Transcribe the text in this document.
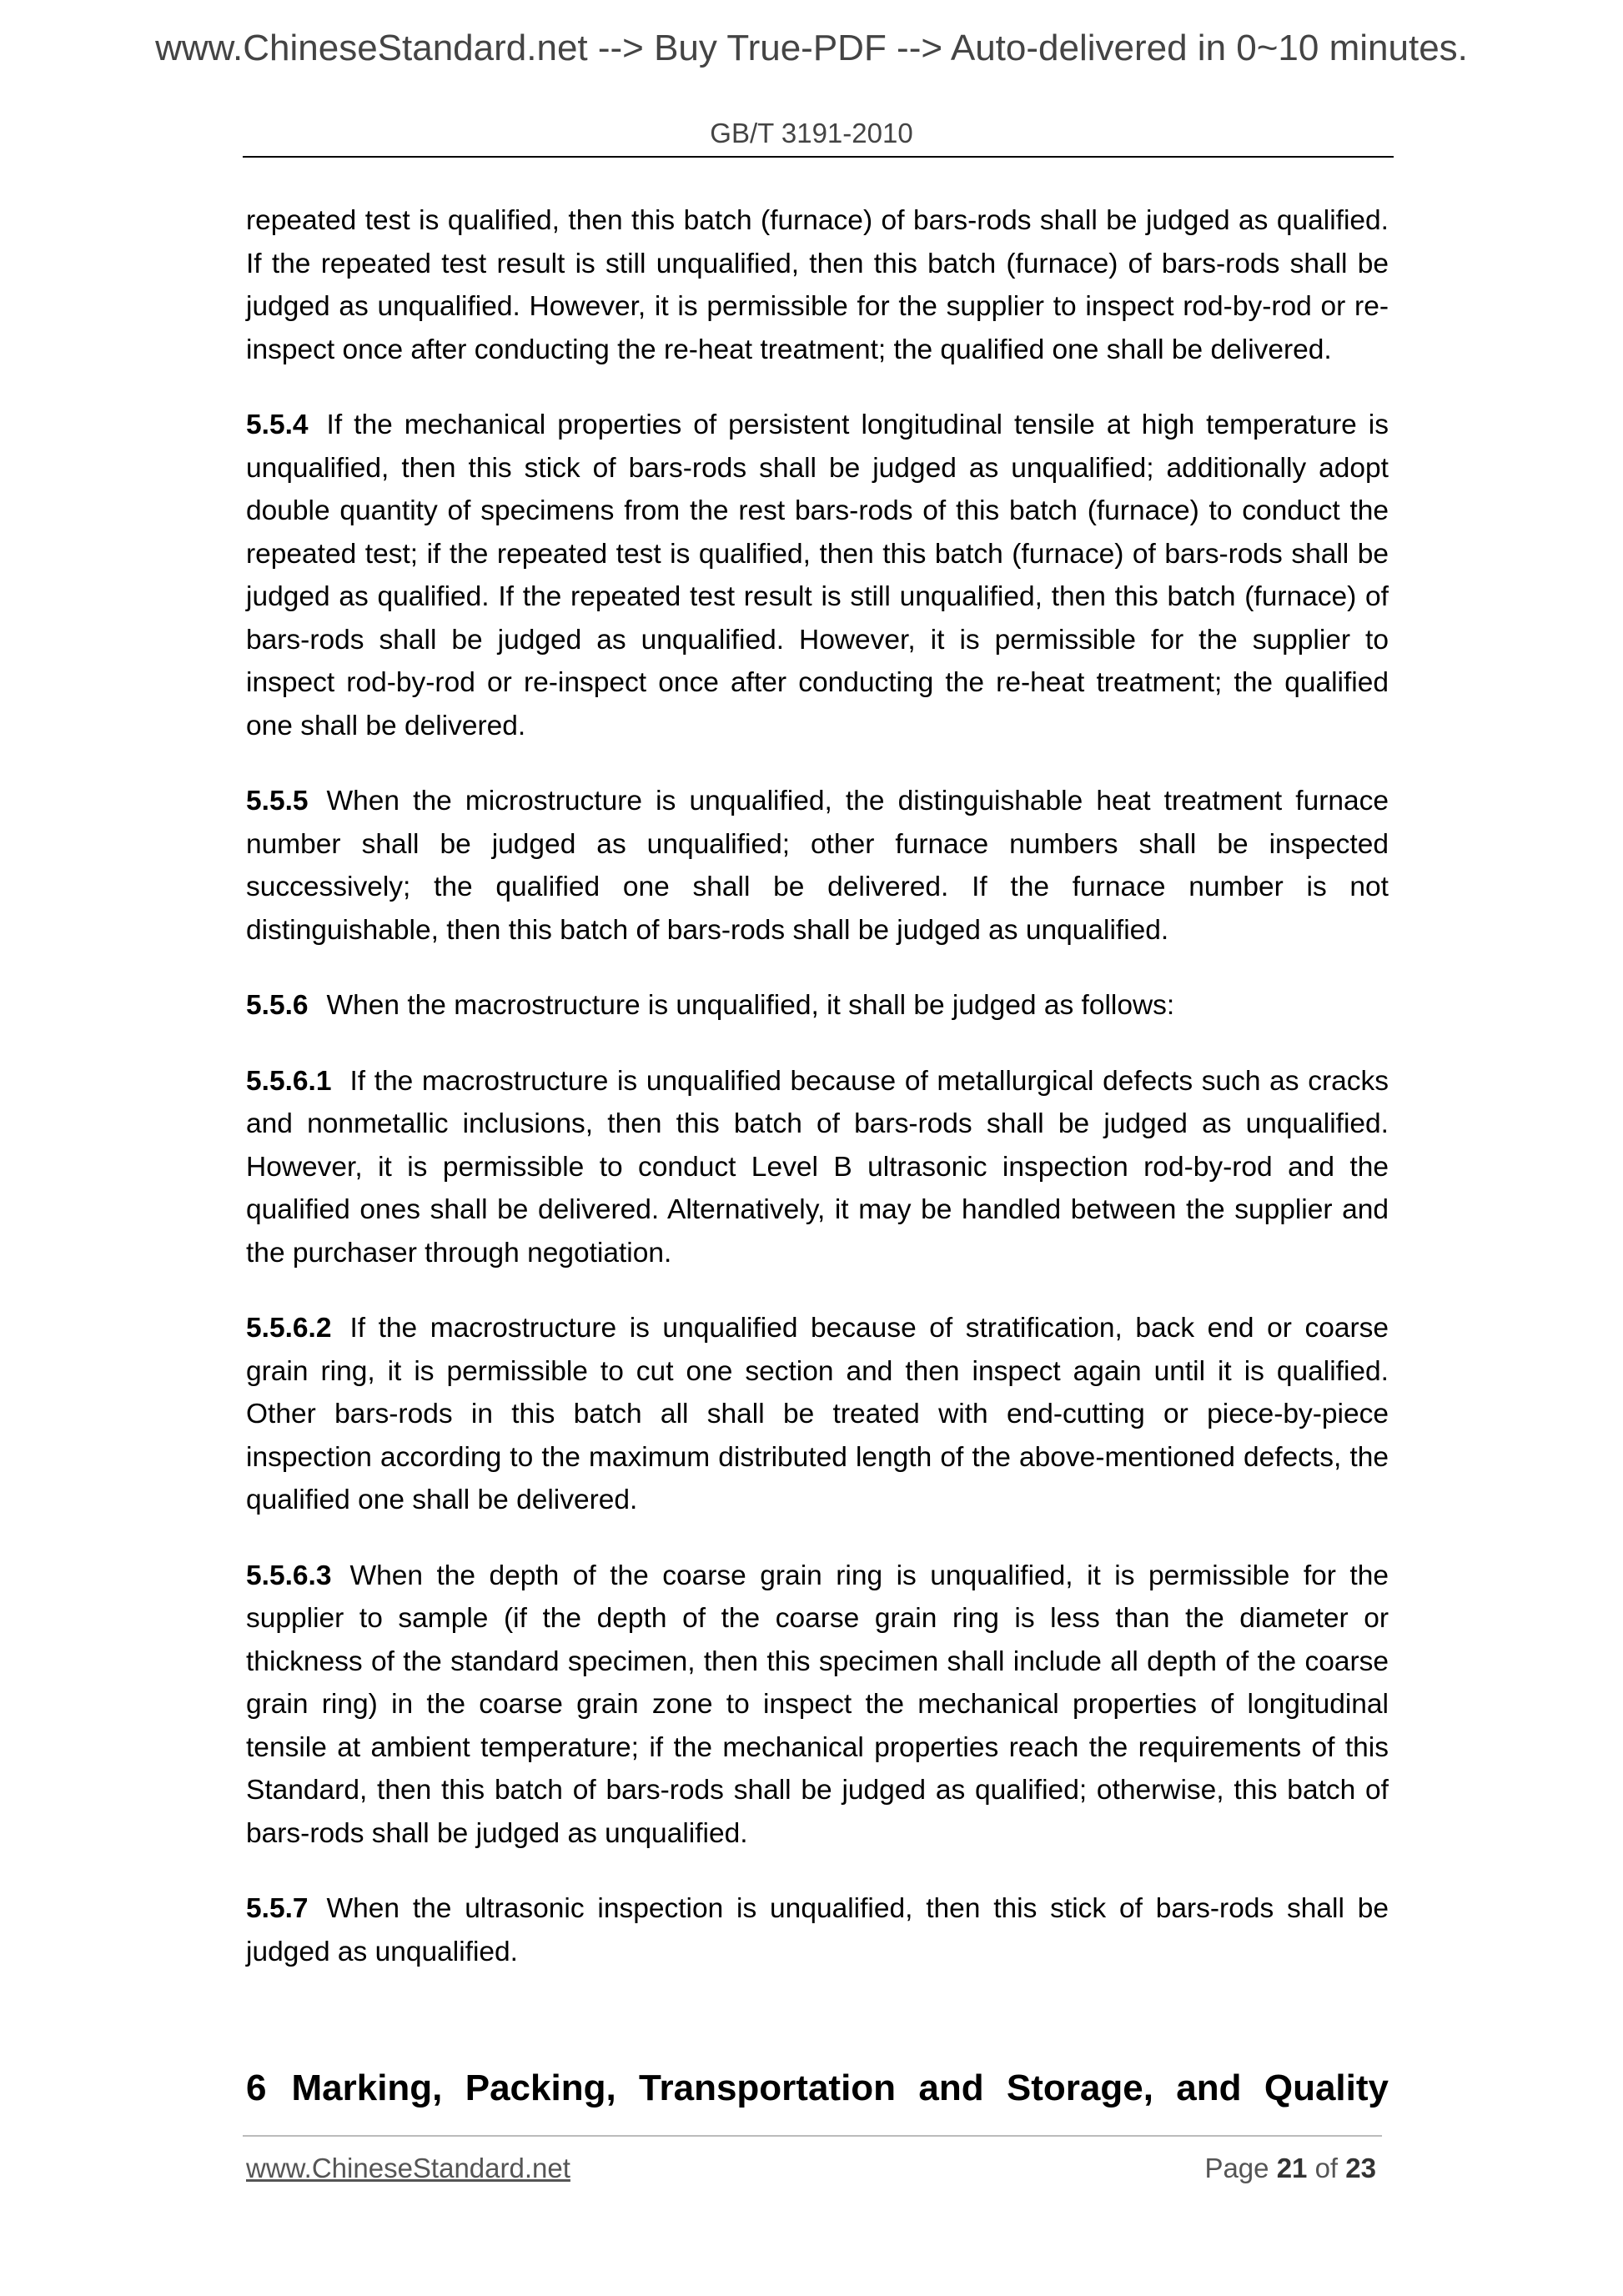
www.ChineseStandard.net --> Buy True-PDF --> Auto-delivered in 0~10 minutes.
GB/T 3191-2010

repeated test is qualified, then this batch (furnace) of bars-rods shall be judged as qualified. If the repeated test result is still unqualified, then this batch (furnace) of bars-rods shall be judged as unqualified. However, it is permissible for the supplier to inspect rod-by-rod or re-inspect once after conducting the re-heat treatment; the qualified one shall be delivered.

5.5.4 If the mechanical properties of persistent longitudinal tensile at high temperature is unqualified, then this stick of bars-rods shall be judged as unqualified; additionally adopt double quantity of specimens from the rest bars-rods of this batch (furnace) to conduct the repeated test; if the repeated test is qualified, then this batch (furnace) of bars-rods shall be judged as qualified. If the repeated test result is still unqualified, then this batch (furnace) of bars-rods shall be judged as unqualified. However, it is permissible for the supplier to inspect rod-by-rod or re-inspect once after conducting the re-heat treatment; the qualified one shall be delivered.

5.5.5 When the microstructure is unqualified, the distinguishable heat treatment furnace number shall be judged as unqualified; other furnace numbers shall be inspected successively; the qualified one shall be delivered. If the furnace number is not distinguishable, then this batch of bars-rods shall be judged as unqualified.

5.5.6 When the macrostructure is unqualified, it shall be judged as follows:

5.5.6.1 If the macrostructure is unqualified because of metallurgical defects such as cracks and nonmetallic inclusions, then this batch of bars-rods shall be judged as unqualified. However, it is permissible to conduct Level B ultrasonic inspection rod-by-rod and the qualified ones shall be delivered. Alternatively, it may be handled between the supplier and the purchaser through negotiation.

5.5.6.2 If the macrostructure is unqualified because of stratification, back end or coarse grain ring, it is permissible to cut one section and then inspect again until it is qualified. Other bars-rods in this batch all shall be treated with end-cutting or piece-by-piece inspection according to the maximum distributed length of the above-mentioned defects, the qualified one shall be delivered.

5.5.6.3 When the depth of the coarse grain ring is unqualified, it is permissible for the supplier to sample (if the depth of the coarse grain ring is less than the diameter or thickness of the standard specimen, then this specimen shall include all depth of the coarse grain ring) in the coarse grain zone to inspect the mechanical properties of longitudinal tensile at ambient temperature; if the mechanical properties reach the requirements of this Standard, then this batch of bars-rods shall be judged as qualified; otherwise, this batch of bars-rods shall be judged as unqualified.

5.5.7 When the ultrasonic inspection is unqualified, then this stick of bars-rods shall be judged as unqualified.

6 Marking, Packing, Transportation and Storage, and Quality
www.ChineseStandard.net	Page 21 of 23
